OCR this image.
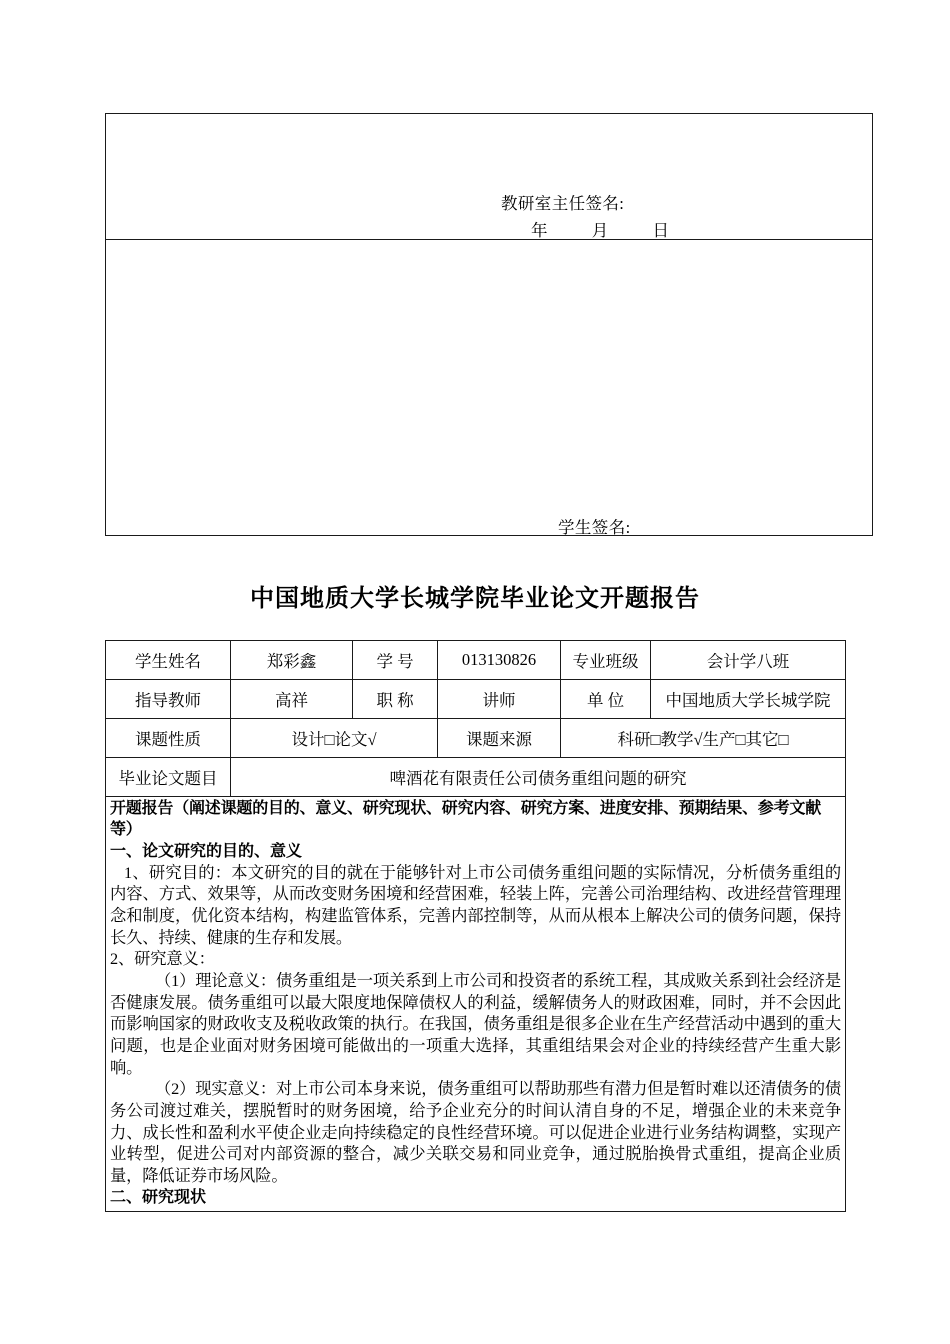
教研室主任签名:
年	月	日
学生签名:
中国地质大学长城学院毕业论文开题报告
学生姓名	郑彩鑫	学 号	013130826	专业班级	会计学八班
指导教师	高祥	职 称	讲师	单 位	中国地质大学长城学院
课题性质	设计□论文√		课题来源	科研□教学√生产□其它□	
毕业论文题目	啤酒花有限责任公司债务重组问题的研究				

开题报告（阐述课题的目的、意义、研究现状、研究内容、研究方案、进度安排、预期结果、参考文献等）

一、论文研究的目的、意义

1、研究目的：本文研究的目的就在于能够针对上市公司债务重组问题的实际情况，分析债务重组的内容、方式、效果等，从而改变财务困境和经营困难，轻装上阵，完善公司治理结构、改进经营管理理念和制度，优化资本结构，构建监管体系，完善内部控制等，从而从根本上解决公司的债务问题，保持长久、持续、健康的生存和发展。

2、研究意义：

（1）理论意义：债务重组是一项关系到上市公司和投资者的系统工程，其成败关系到社会经济是否健康发展。债务重组可以最大限度地保障债权人的利益，缓解债务人的财政困难，同时，并不会因此而影响国家的财政收支及税收政策的执行。在我国，债务重组是很多企业在生产经营活动中遇到的重大问题，也是企业面对财务困境可能做出的一项重大选择，其重组结果会对企业的持续经营产生重大影响。

（2）现实意义：对上市公司本身来说，债务重组可以帮助那些有潜力但是暂时难以还清债务的债务公司渡过难关，摆脱暂时的财务困境，给予企业充分的时间认清自身的不足，增强企业的未来竞争力、成长性和盈利水平使企业走向持续稳定的良性经营环境。可以促进企业进行业务结构调整，实现产业转型，促进公司对内部资源的整合，减少关联交易和同业竞争，通过脱胎换骨式重组，提高企业质量，降低证券市场风险。

二、研究现状
